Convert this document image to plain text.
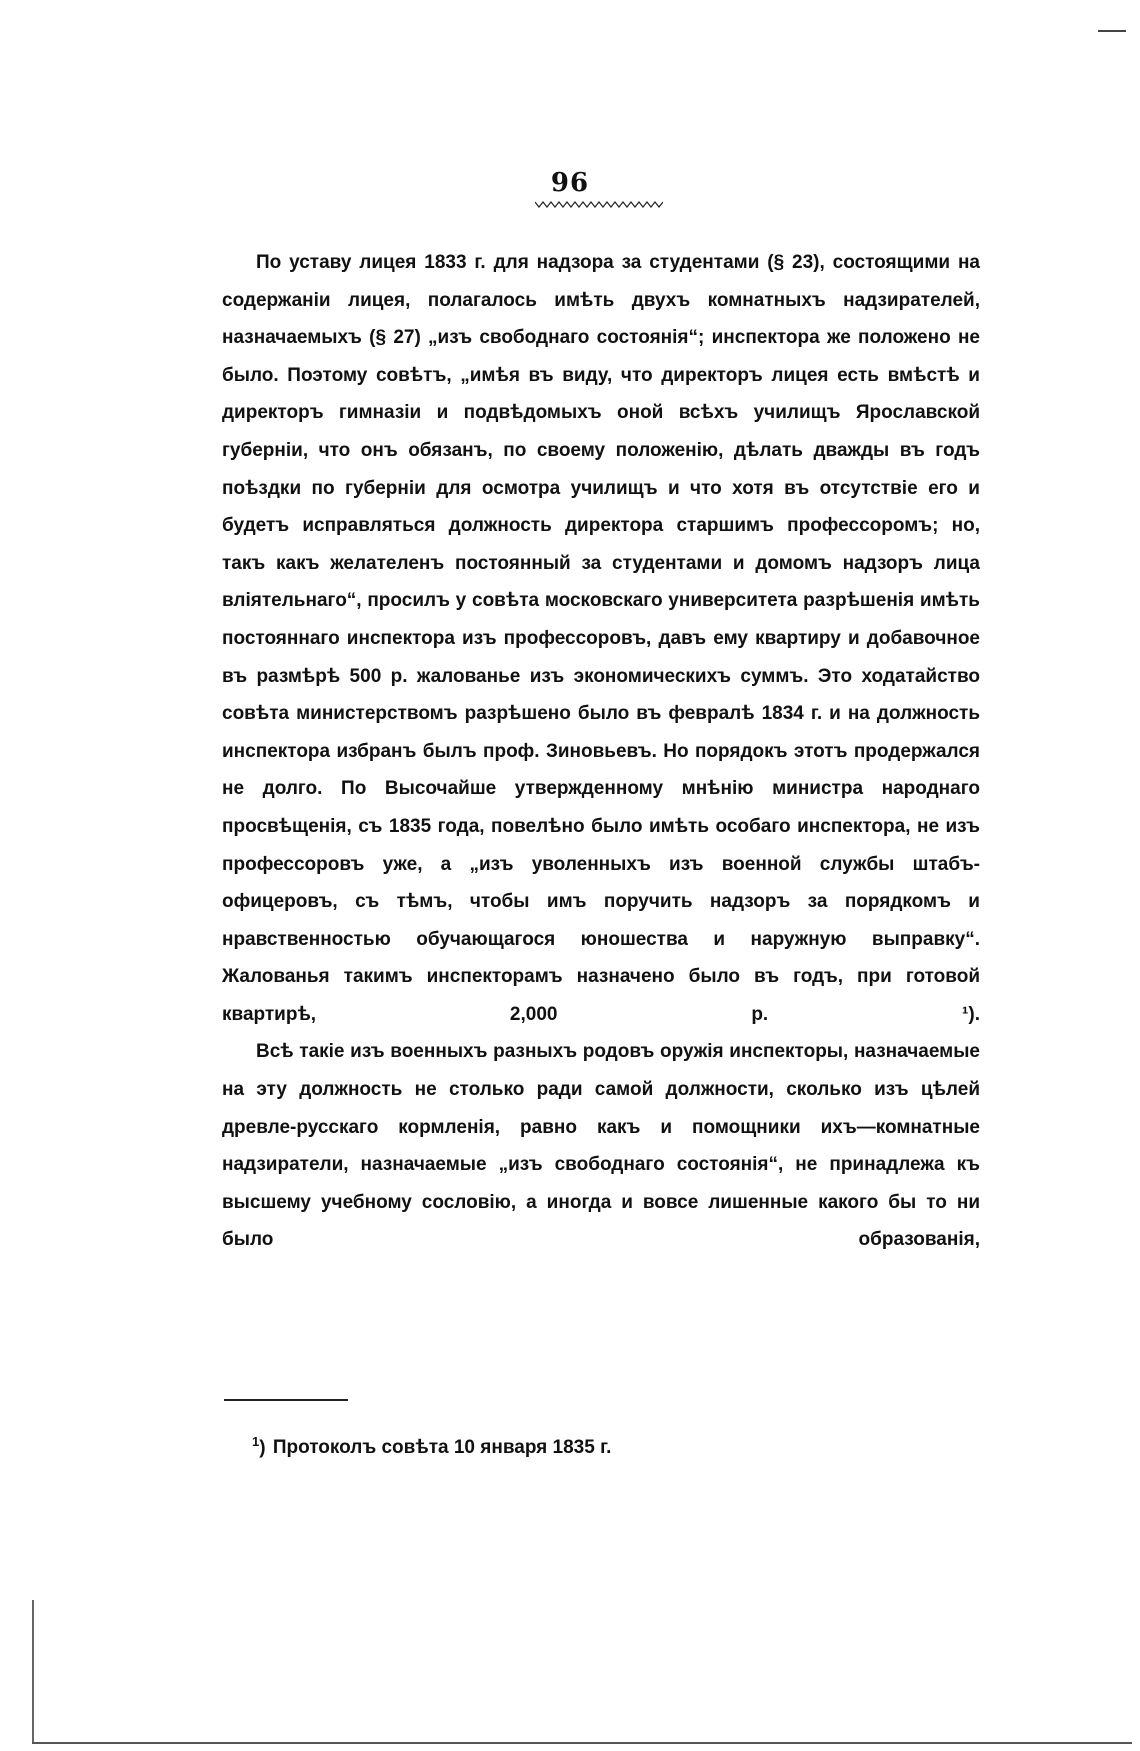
96

По уставу лицея 1833 г. для надзора за студентами (§ 23), состоящими на содержаніи лицея, полагалось имѣть двухъ комнатныхъ надзирателей, назначаемыхъ (§ 27) „изъ свободнаго состоянія“; инспектора же положено не было. Поэтому совѣтъ, „имѣя въ виду, что директоръ лицея есть вмѣстѣ и директоръ гимназіи и подвѣдомыхъ оной всѣхъ училищъ Ярославской губерніи, что онъ обязанъ, по своему положенію, дѣлать дважды въ годъ поѣздки по губерніи для осмотра училищъ и что хотя въ отсутствіе его и будетъ исправляться должность директора старшимъ профессоромъ; но, такъ какъ желателенъ постоянный за студентами и домомъ надзоръ лица вліятельнаго“, просилъ у совѣта московскаго университета разрѣшенія имѣть постояннаго инспектора изъ профессоровъ, давъ ему квартиру и добавочное въ размѣрѣ 500 р. жалованье изъ экономическихъ суммъ. Это ходатайство совѣта министерствомъ разрѣшено было въ февралѣ 1834 г. и на должность инспектора избранъ былъ проф. Зиновьевъ. Но порядокъ этотъ продержался не долго. По Высочайше утвержденному мнѣнію министра народнаго просвѣщенія, съ 1835 года, повелѣно было имѣть особаго инспектора, не изъ профессоровъ уже, а „изъ уволенныхъ изъ военной службы штабъ-офицеровъ, съ тѣмъ, чтобы имъ поручить надзоръ за порядкомъ и нравственностью обучающагося юношества и наружную выправку“. Жалованья такимъ инспекторамъ назначено было въ годъ, при готовой квартирѣ, 2,000 р. ¹).

Всѣ такіе изъ военныхъ разныхъ родовъ оружія инспекторы, назначаемые на эту должность не столько ради самой должности, сколько изъ цѣлей древле-русскаго кормленія, равно какъ и помощники ихъ—комнатные надзиратели, назначаемые „изъ свободнаго состоянія“, не принадлежа къ высшему учебному сословію, а иногда и вовсе лишенные какого бы то ни было образованія,

$^1$) Протоколъ совѣта 10 января 1835 г.
